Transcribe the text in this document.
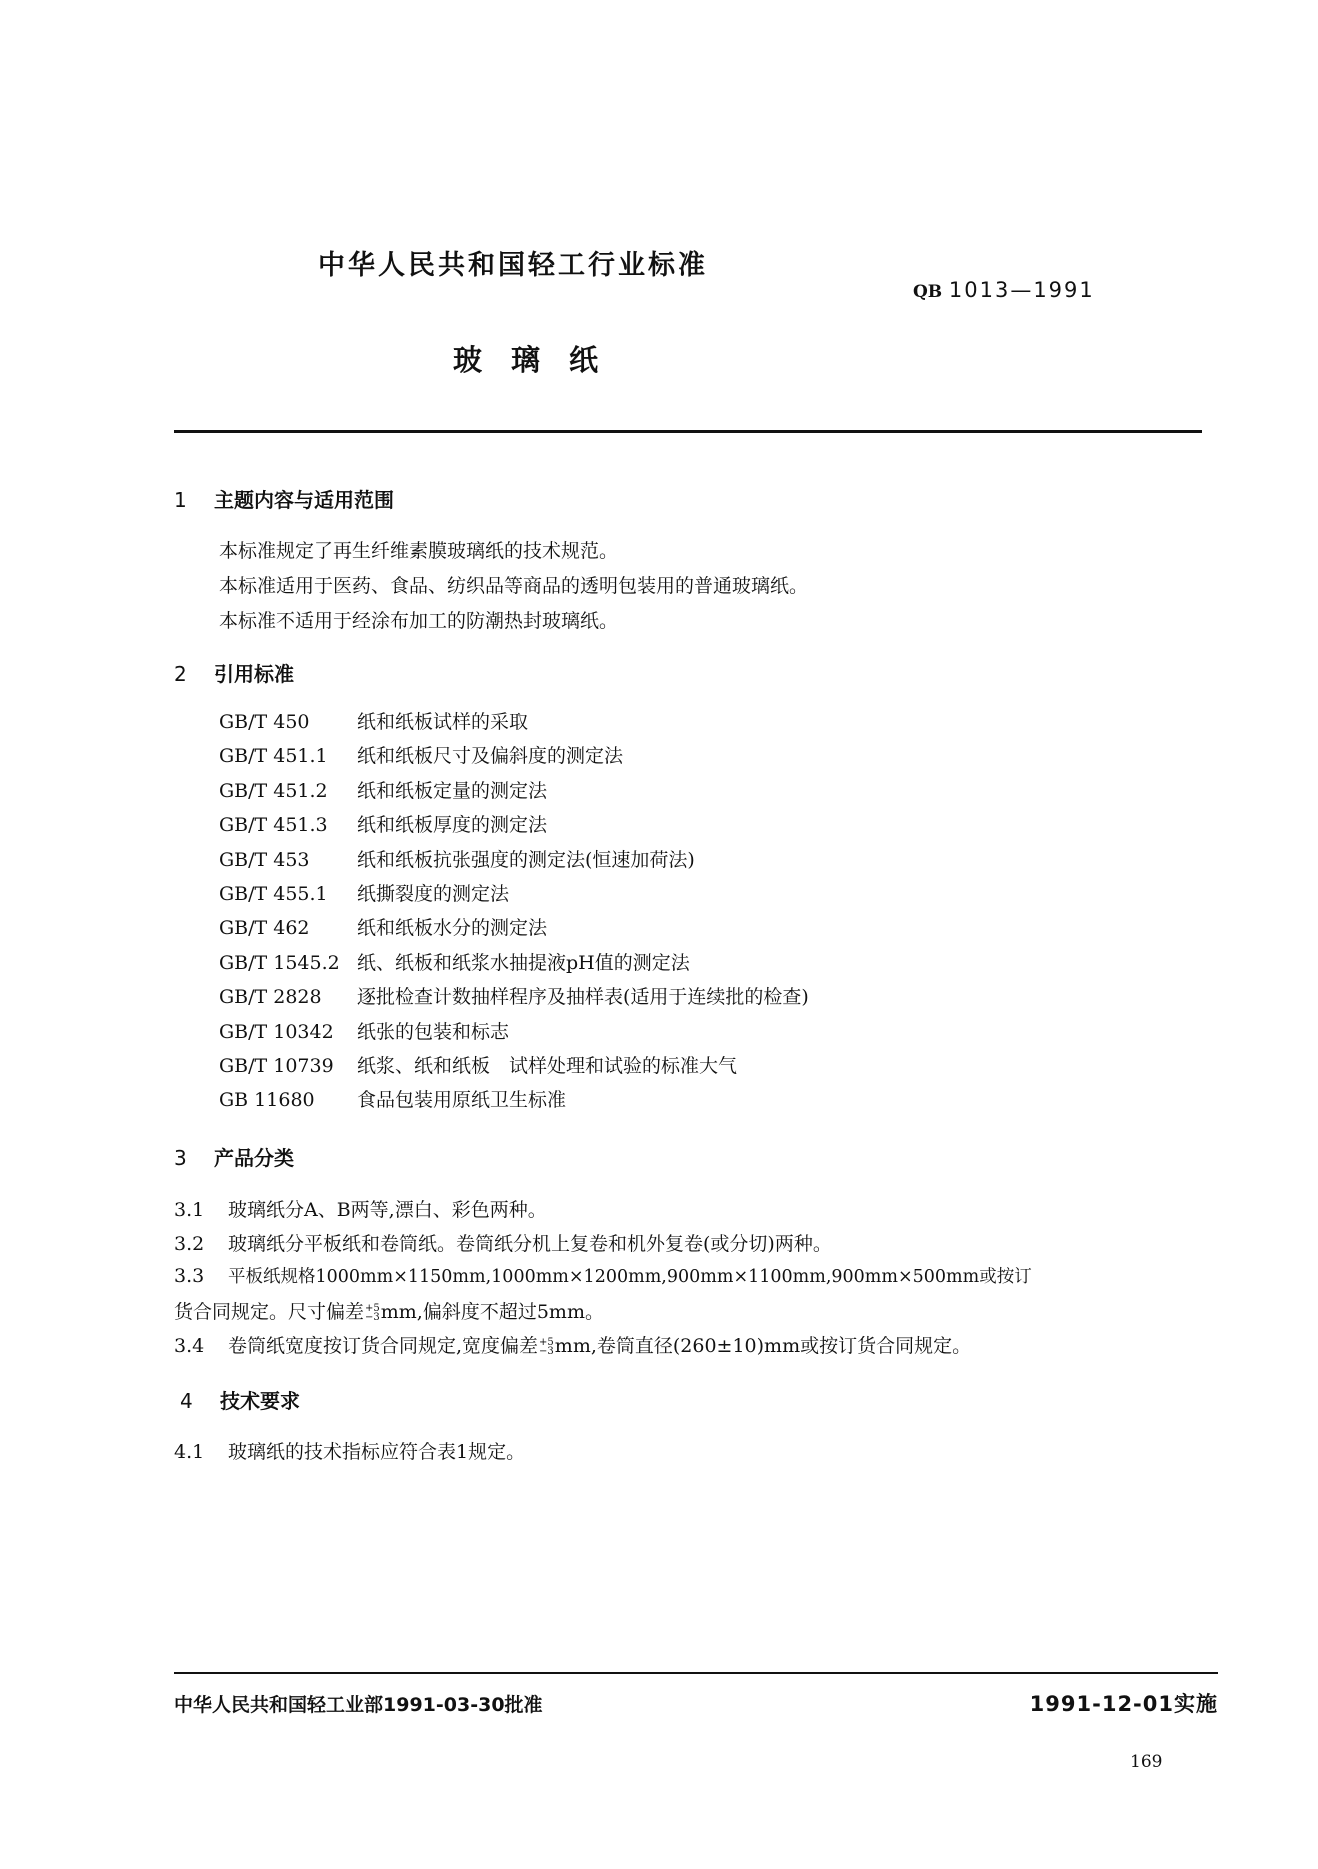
中华人民共和国轻工行业标准
QB 1013—1991
玻　璃　纸
1 主题内容与适用范围
本标准规定了再生纤维素膜玻璃纸的技术规范。
本标准适用于医药、食品、纺织品等商品的透明包装用的普通玻璃纸。
本标准不适用于经涂布加工的防潮热封玻璃纸。
2 引用标准
GB/T 450 纸和纸板试样的采取
GB/T 451.1 纸和纸板尺寸及偏斜度的测定法
GB/T 451.2 纸和纸板定量的测定法
GB/T 451.3 纸和纸板厚度的测定法
GB/T 453 纸和纸板抗张强度的测定法(恒速加荷法)
GB/T 455.1 纸撕裂度的测定法
GB/T 462 纸和纸板水分的测定法
GB/T 1545.2 纸、纸板和纸浆水抽提液pH值的测定法
GB/T 2828 逐批检查计数抽样程序及抽样表(适用于连续批的检查)
GB/T 10342 纸张的包装和标志
GB/T 10739 纸浆、纸和纸板　试样处理和试验的标准大气
GB 11680 食品包装用原纸卫生标准
3 产品分类
3.1 玻璃纸分A、B两等,漂白、彩色两种。
3.2 玻璃纸分平板纸和卷筒纸。卷筒纸分机上复卷和机外复卷(或分切)两种。
3.3 平板纸规格1000mm×1150mm,1000mm×1200mm,900mm×1100mm,900mm×500mm或按订
货合同规定。尺寸偏差 +5
−3 mm,偏斜度不超过5mm。
3.4 卷筒纸宽度按订货合同规定,宽度偏差 +5
−3 mm,卷筒直径(260±10)mm或按订货合同规定。
4 技术要求
4.1 玻璃纸的技术指标应符合表1规定。
中华人民共和国轻工业部1991-03-30批准	1991-12-01实施
169
